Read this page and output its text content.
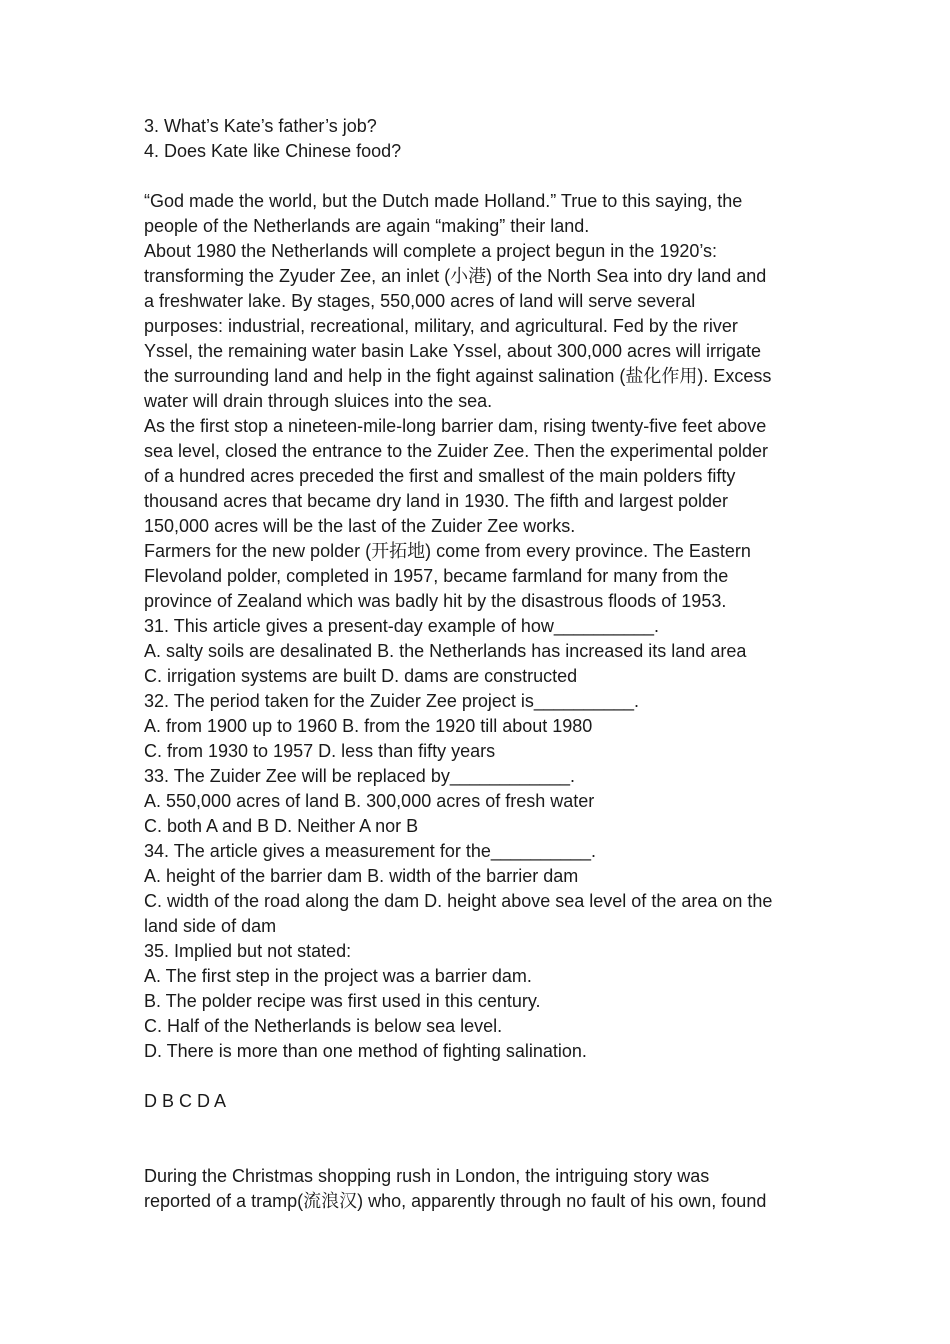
3. What’s Kate’s father’s job?
4. Does Kate like Chinese food?
“God made the world, but the Dutch made Holland.” True to this saying, the
people of the Netherlands are again “making” their land.
About 1980 the Netherlands will complete a project begun in the 1920’s:
transforming the Zyuder Zee, an inlet (小港) of the North Sea into dry land and
a freshwater lake. By stages, 550,000 acres of land will serve several
purposes: industrial, recreational, military, and agricultural. Fed by the river
Yssel, the remaining water basin Lake Yssel, about 300,000 acres will irrigate
the surrounding land and help in the fight against salination (盐化作用). Excess
water will drain through sluices into the sea.
As the first stop a nineteen-mile-long barrier dam, rising twenty-five feet above
sea level, closed the entrance to the Zuider Zee. Then the experimental polder
of a hundred acres preceded the first and smallest of the main polders fifty
thousand acres that became dry land in 1930. The fifth and largest polder
150,000 acres will be the last of the Zuider Zee works.
Farmers for the new polder (开拓地) come from every province. The Eastern
Flevoland polder, completed in 1957, became farmland for many from the
province of Zealand which was badly hit by the disastrous floods of 1953.
31. This article gives a present-day example of how__________.
A. salty soils are desalinated B. the Netherlands has increased its land area
C. irrigation systems are built D. dams are constructed
32. The period taken for the Zuider Zee project is__________.
A. from 1900 up to 1960 B. from the 1920 till about 1980
C. from 1930 to 1957 D. less than fifty years
33. The Zuider Zee will be replaced by____________.
A. 550,000 acres of land B. 300,000 acres of fresh water
C. both A and B D. Neither A nor B
34. The article gives a measurement for the__________.
A. height of the barrier dam B. width of the barrier dam
C. width of the road along the dam D. height above sea level of the area on the
land side of dam
35. Implied but not stated:
A. The first step in the project was a barrier dam.
B. The polder recipe was first used in this century.
C. Half of the Netherlands is below sea level.
D. There is more than one method of fighting salination.
D B C D A
During the Christmas shopping rush in London, the intriguing story was
reported of a tramp(流浪汉) who, apparently through no fault of his own, found
